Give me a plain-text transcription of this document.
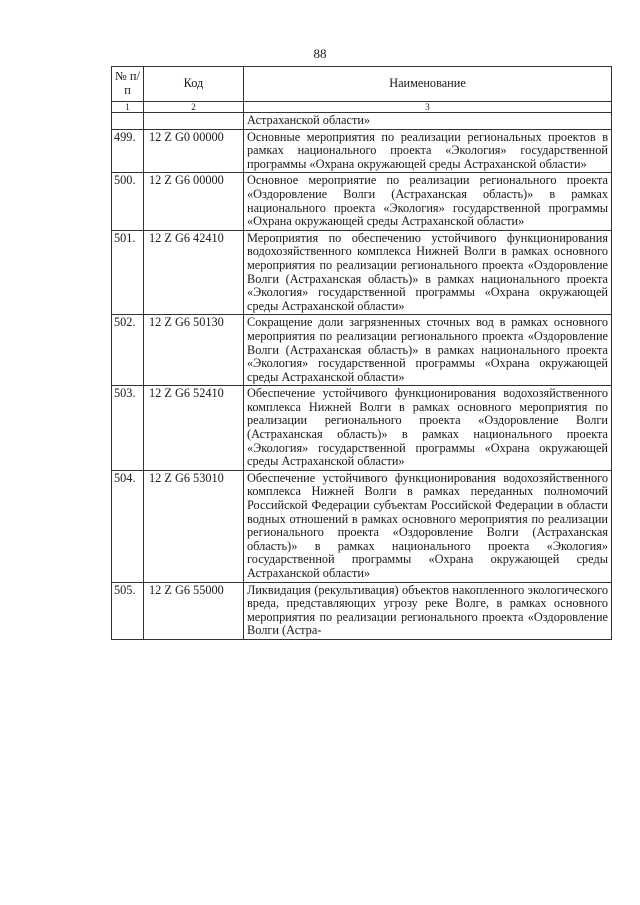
88
№ п/п	Код	Наименование
1	2	3
		Астраханской области»
499.	12 Z G0 00000	Основные мероприятия по реализации региональных проектов в рамках национального проекта «Экология» государственной программы «Охрана окружающей среды Астраханской области»
500.	12 Z G6 00000	Основное мероприятие по реализации регионального проекта «Оздоровление Волги (Астраханская область)» в рамках национального проекта «Экология» государственной программы «Охрана окружающей среды Астраханской области»
501.	12 Z G6 42410	Мероприятия по обеспечению устойчивого функционирования водохозяйственного комплекса Нижней Волги в рамках основного мероприятия по реализации регионального проекта «Оздоровление Волги (Астраханская область)» в рамках национального проекта «Экология» государственной программы «Охрана окружающей среды Астраханской области»
502.	12 Z G6 50130	Сокращение доли загрязненных сточных вод в рамках основного мероприятия по реализации регионального проекта «Оздоровление Волги (Астраханская область)» в рамках национального проекта «Экология» государственной программы «Охрана окружающей среды Астраханской области»
503.	12 Z G6 52410	Обеспечение устойчивого функционирования водохозяйственного комплекса Нижней Волги в рамках основного мероприятия по реализации регионального проекта «Оздоровление Волги (Астраханская область)» в рамках национального проекта «Экология» государственной программы «Охрана окружающей среды Астраханской области»
504.	12 Z G6 53010	Обеспечение устойчивого функционирования водохозяйственного комплекса Нижней Волги в рамках переданных полномочий Российской Федерации субъектам Российской Федерации в области водных отношений в рамках основного мероприятия по реализации регионального проекта «Оздоровление Волги (Астраханская область)» в рамках национального проекта «Экология» государственной программы «Охрана окружающей среды Астраханской области»
505.	12 Z G6 55000	Ликвидация (рекультивация) объектов накопленного экологического вреда, представляющих угрозу реке Волге, в рамках основного мероприятия по реализации регионального проекта «Оздоровление Волги (Астра-
